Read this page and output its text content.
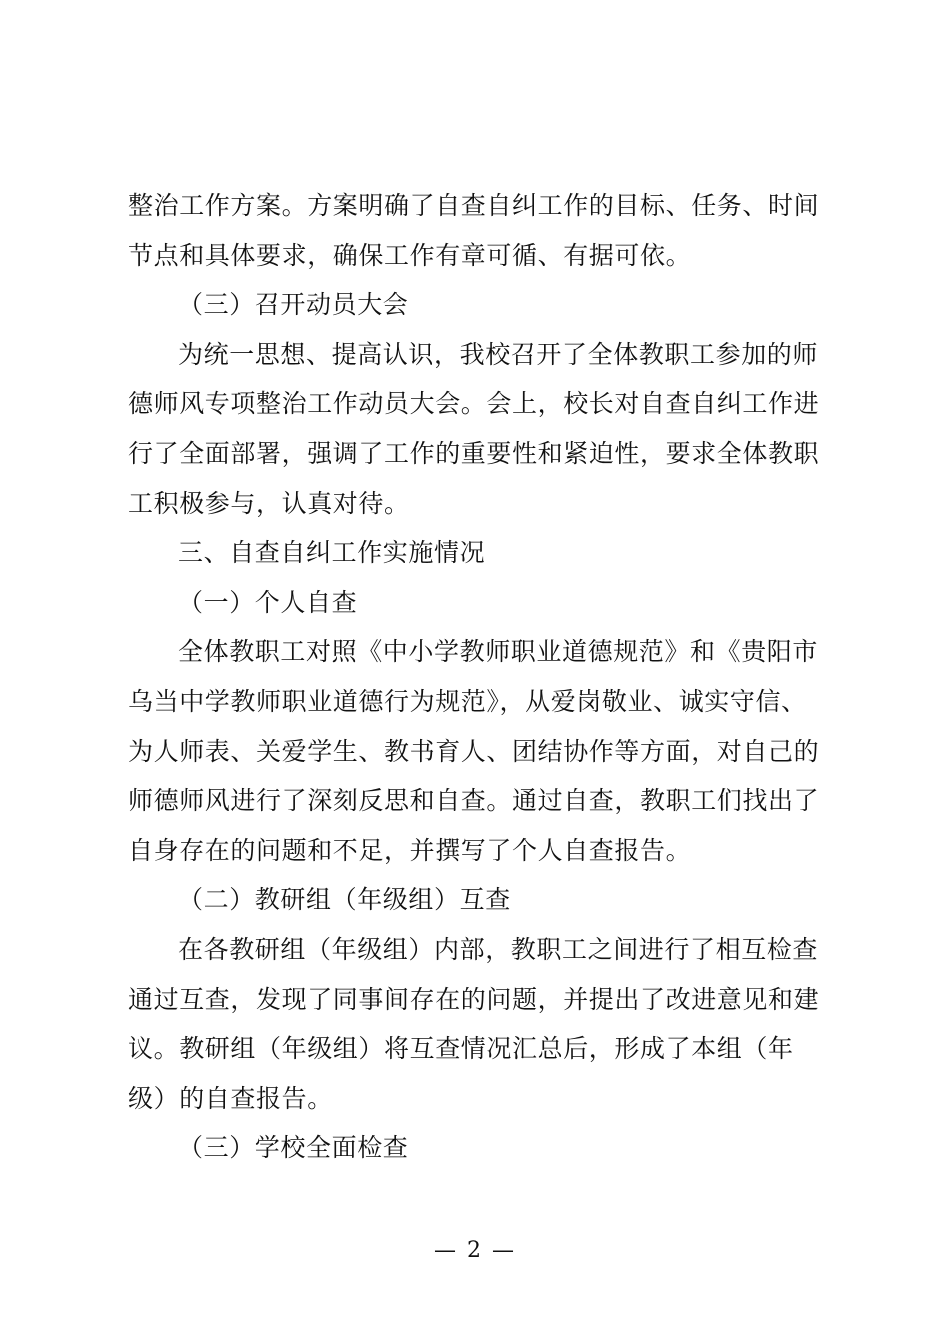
整治工作方案。方案明确了自查自纠工作的目标、任务、时间
节点和具体要求，确保工作有章可循、有据可依。
（三）召开动员大会
为统一思想、提高认识，我校召开了全体教职工参加的师
德师风专项整治工作动员大会。会上，校长对自查自纠工作进
行了全面部署，强调了工作的重要性和紧迫性，要求全体教职
工积极参与，认真对待。
三、自查自纠工作实施情况
（一）个人自查
全体教职工对照《中小学教师职业道德规范》和《贵阳市
乌当中学教师职业道德行为规范》，从爱岗敬业、诚实守信、
为人师表、关爱学生、教书育人、团结协作等方面，对自己的
师德师风进行了深刻反思和自查。通过自查，教职工们找出了
自身存在的问题和不足，并撰写了个人自查报告。
（二）教研组（年级组）互查
在各教研组（年级组）内部，教职工之间进行了相互检查
通过互查，发现了同事间存在的问题，并提出了改进意见和建
议。教研组（年级组）将互查情况汇总后，形成了本组（年
级）的自查报告。
（三）学校全面检查
— 2 —
